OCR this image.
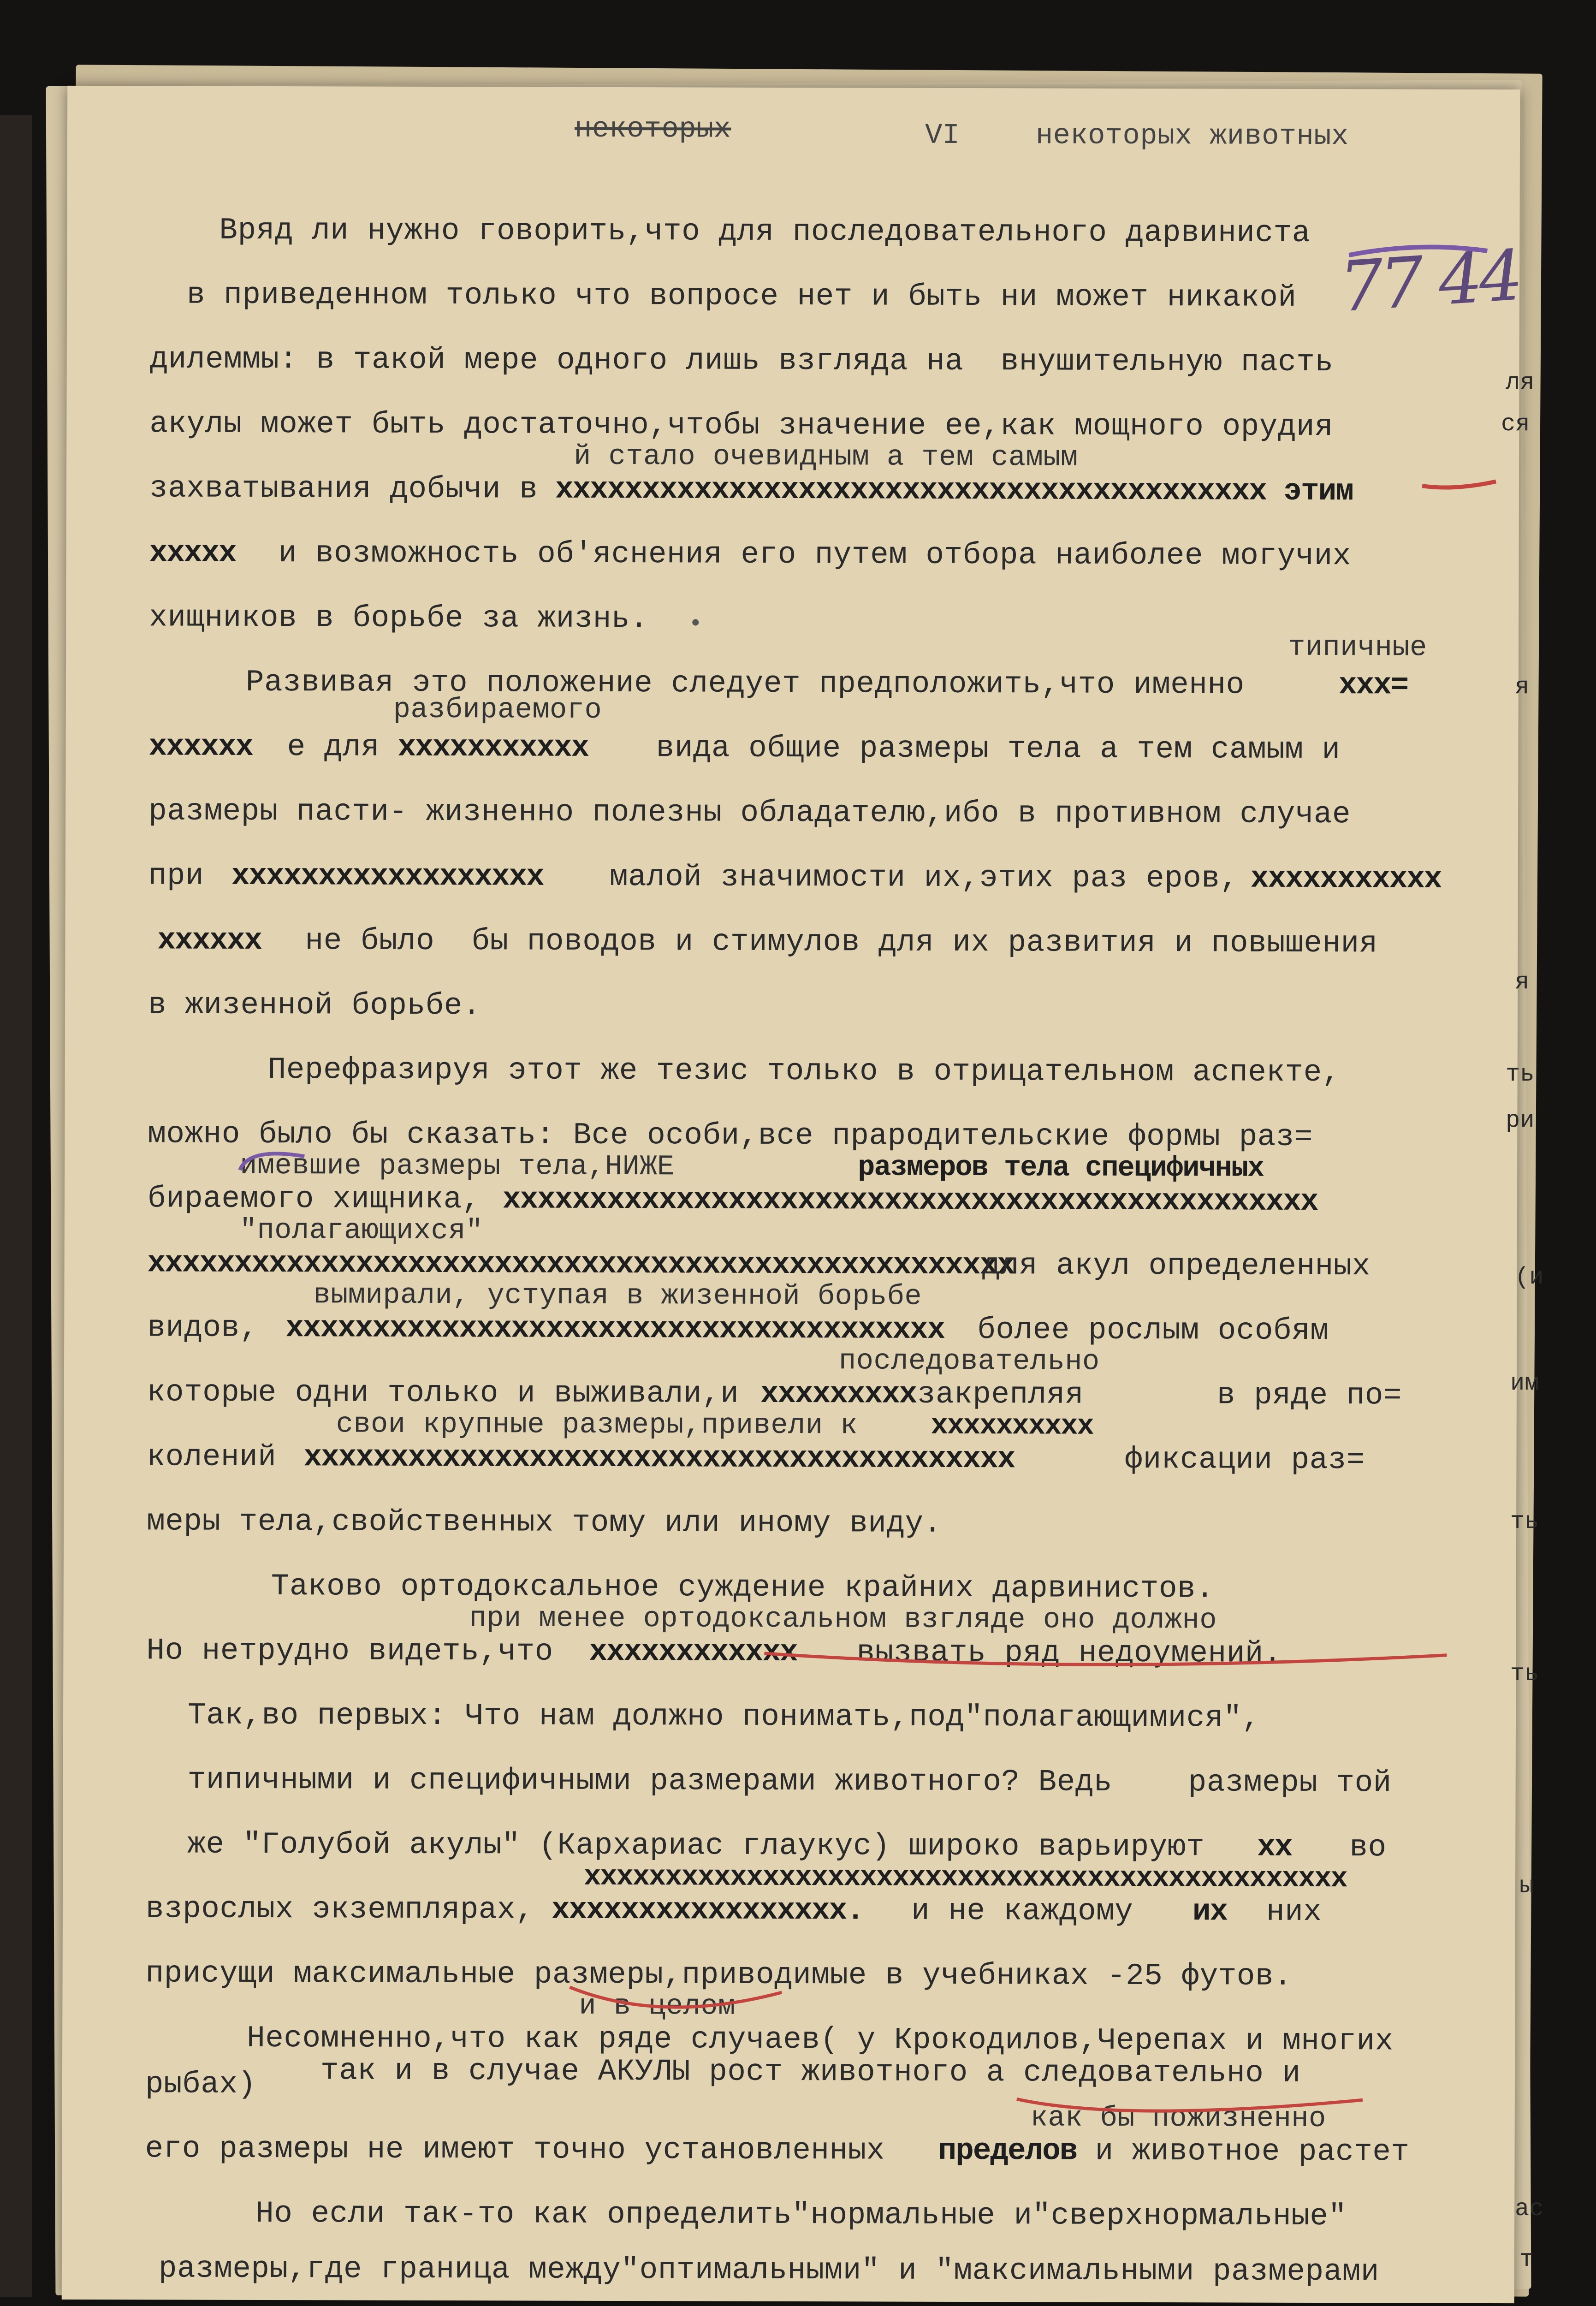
некоторых	VI	некоторых животных
77 44
Вряд ли нужно говорить,что для последовательного дарвиниста
в приведенном только что вопросе нет и быть ни может никакой
дилеммы: в такой мере одного лишь взгляда на  внушительную пасть
акулы может быть достаточно,чтобы значение ее,как мощного орудия
й стало очевидным а тем самым
захватывания добычи в xxxxxxxxxxxxxxxxxxxxxxxxxxxxxxxxxxxxxxxxx этим
xxxxx и возможность об'яснения его путем отбора наиболее могучих
хищников в борьбе за жизнь.
типичные
Развивая это положение следует предположить,что именно xxx=
разбираемого
xxxxxx е для xxxxxxxxxxx вида общие размеры тела а тем самым и
размеры пасти- жизненно полезны обладателю,ибо в противном случае
при xxxxxxxxxxxxxxxxxx малой значимости их,этих раз еров, xxxxxxxxxxx
xxxxxx не было  бы поводов и стимулов для их развития и повышения
в жизенной борьбе.
Перефразируя этот же тезис только в отрицательном аспекте,
можно было бы сказать: Все особи,все прародительские формы раз=
имевшие размеры тела,НИЖЕ	размеров тела специфичных
бираемого хищника, xxxxxxxxxxxxxxxxxxxxxxxxxxxxxxxxxxxxxxxxxxxxxxx
"полагающихся"
xxxxxxxxxxxxxxxxxxxxxxxxxxxxxxxxxxxxxxxxxxxxxxxxxx
для акул определенных
вымирали, уступая в жизенной борьбе
видов, xxxxxxxxxxxxxxxxxxxxxxxxxxxxxxxxxxxxxx более рослым особям
последовательно
которые одни только и выживали,и xxxxxxxxx
закрепляя	в ряде по=
свои крупные размеры,привели к xxxxxxxxxx
колений xxxxxxxxxxxxxxxxxxxxxxxxxxxxxxxxxxxxxxxxx	фиксации раз=
меры тела,свойственных тому или иному виду.
Таково ортодоксальное суждение крайних дарвинистов.
при менее ортодоксальном взгляде оно должно
Но нетрудно видеть,что xxxxxxxxxxxx вызвать ряд недоумений.
Так,во первых: Что нам должно понимать,под"полагающимися",
типичными и специфичными размерами животного? Ведь размеры той
же "Голубой акулы" (Кархариас глаукус) широко варьируют xx во
xxxxxxxxxxxxxxxxxxxxxxxxxxxxxxxxxxxxxxxxxxxxxxx
взрослых экземплярах, xxxxxxxxxxxxxxxxx. и не каждому их них
присущи максимальные размеры,приводимые в учебниках -25 футов.
и в целом
Несомненно,что как ряде случаев( у Крокодилов,Черепах и многих
рыбах) так и в случае АКУЛЫ рост животного а следовательно и
как бы пожизненно
его размеры не имеют точно установленных пределов
и животное растет
Но если так-то как определить"нормальные и"сверхнормальные"
размеры,где граница между"оптимальными" и "максимальными размерами
ля
ся
я
я
ть
ри
(и
им
ть
ть
ы
т
ас
